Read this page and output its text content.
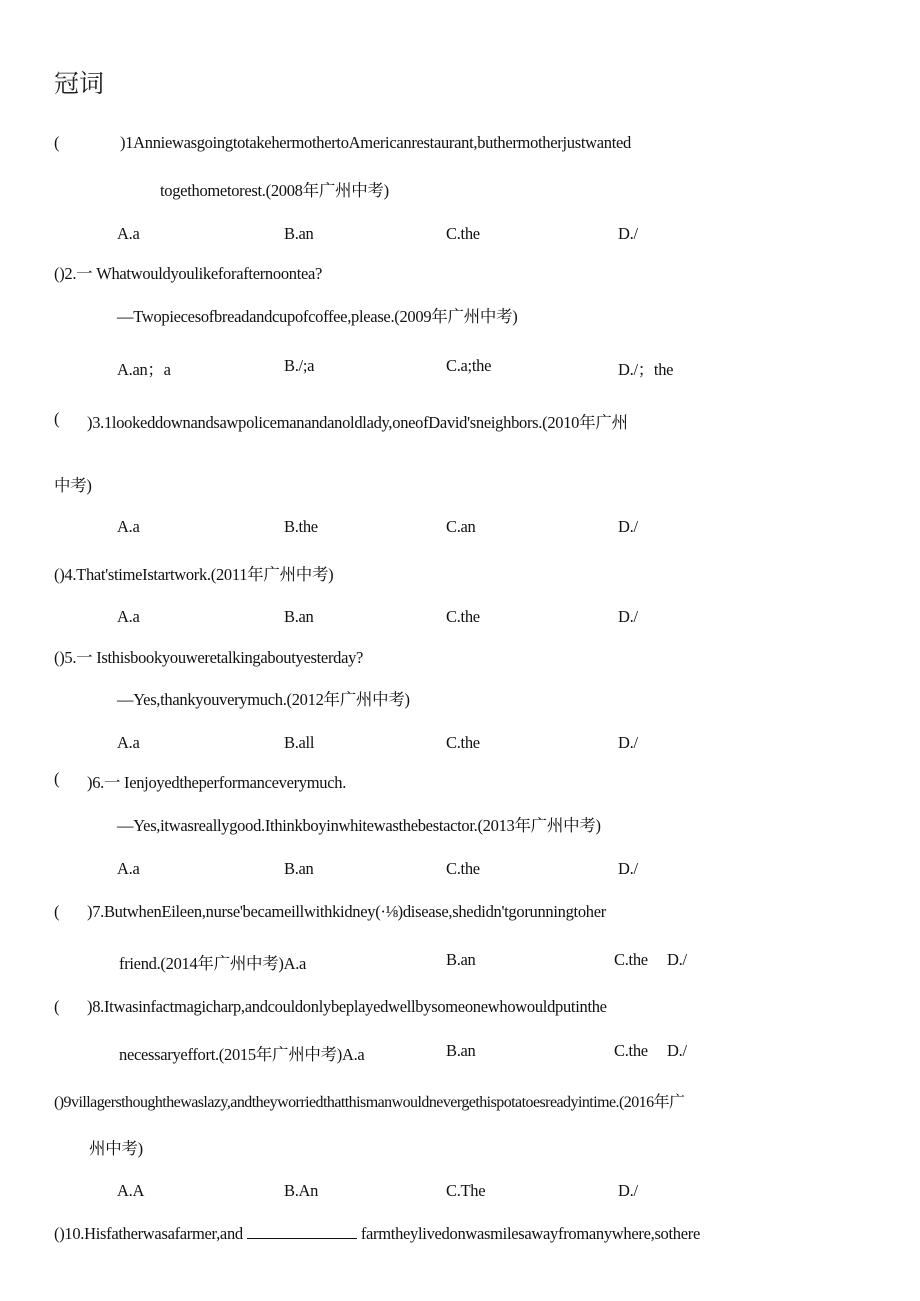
冠词
(	)1AnniewasgoingtotakehermothertoAmericanrestaurant,buthermotherjustwanted
togethometorest.(2008年广州中考)
A.a	B.an	C.the	D./
()2.一 Whatwouldyoulikeforafternoontea?
—Twopiecesofbreadandcupofcoffee,please.(2009年广州中考)
A.an；a	B./;a	C.a;the	D./；the
( )3.1lookeddownandsawpolicemanandanoldlady,oneofDavid'sneighbors.(2010年广州
中考)
A.a	B.the	C.an	D./
()4.That'stimeIstartwork.(2011年广州中考)
A.a	B.an	C.the	D./
()5.一 Isthisbookyouweretalkingaboutyesterday?
—Yes,thankyouverymuch.(2012年广州中考)
A.a	B.all	C.the	D./
( )6.一 Ienjoyedtheperformanceverymuch.
—Yes,itwasreallygood.Ithinkboyinwhitewasthebestactor.(2013年广州中考)
A.a	B.an	C.the	D./
( )7.ButwhenEileen,nurse'becameillwithkidney(·⅛)disease,shedidn'tgorunningtoher
friend.(2014年广州中考)A.a	B.an	C.the D./
( )8.Itwasinfactmagicharp,andcouldonlybeplayedwellbysomeonewhowouldputinthe
necessaryeffort.(2015年广州中考)A.a	B.an	C.the D./
()9villagersthoughthewaslazy,andtheyworriedthatthismanwouldnevergethispotatoesreadyintime.(2016年广
州中考)
A.A	B.An	C.The	D./
()10.Hisfatherwasafarmer,and	farmtheylivedonwasmilesawayfromanywhere,sothere
